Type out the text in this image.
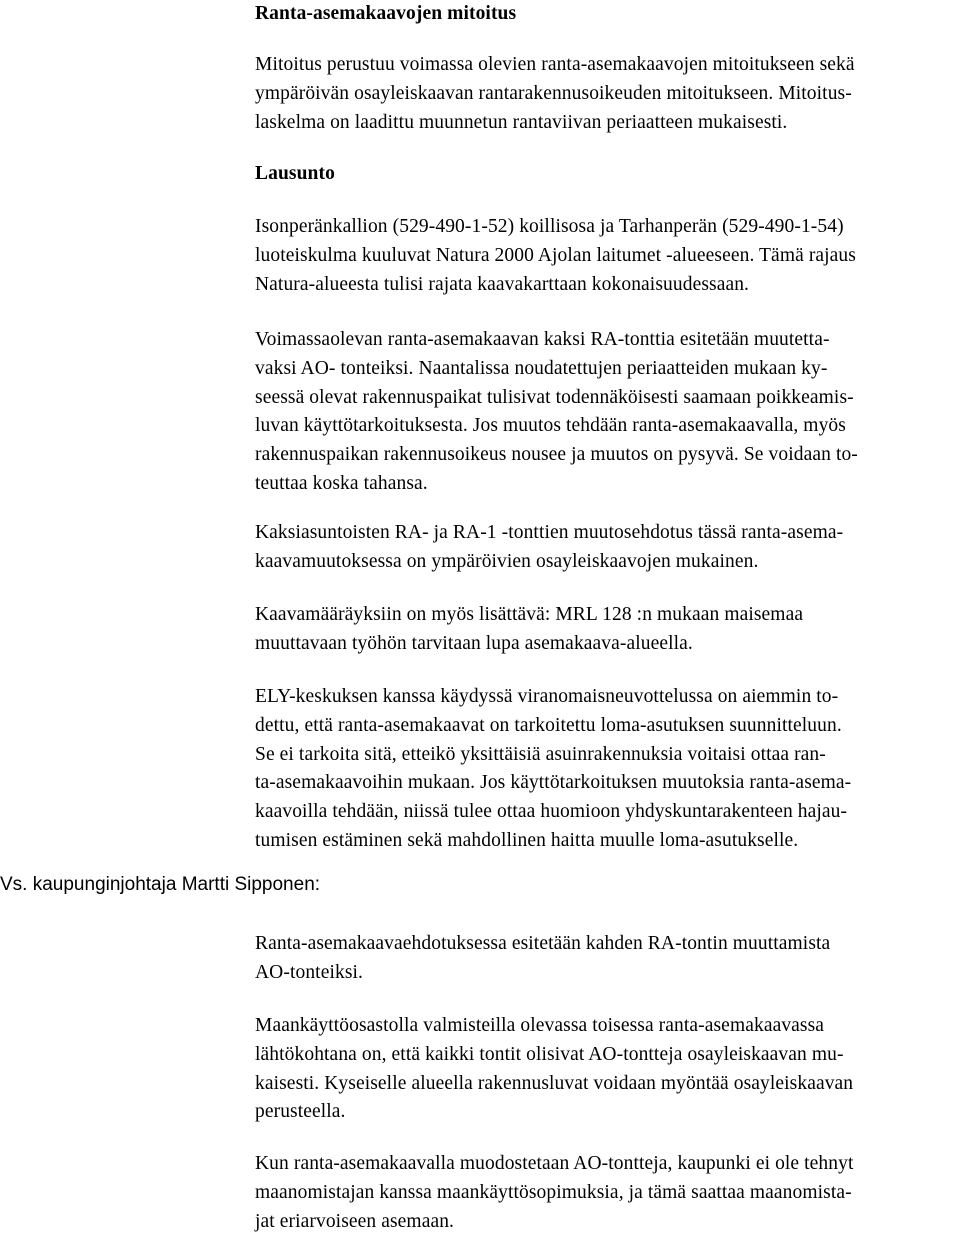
Vs. kaupunginjohtaja Martti Sipponen:
Ranta-asemakaavojen mitoitus
Mitoitus perustuu voimassa olevien ranta-asemakaavojen mitoitukseen sekä
ympäröivän osayleiskaavan rantarakennusoikeuden mitoitukseen. Mitoitus-
laskelma on laadittu muunnetun rantaviivan periaatteen mukaisesti.
Lausunto
Isonperänkallion (529-490-1-52) koillisosa ja Tarhanperän (529-490-1-54)
luoteiskulma kuuluvat Natura 2000 Ajolan laitumet -alueeseen. Tämä rajaus
Natura-alueesta tulisi rajata kaavakarttaan kokonaisuudessaan.
Voimassaolevan ranta-asemakaavan kaksi RA-tonttia esitetään muutetta-
vaksi AO- tonteiksi. Naantalissa noudatettujen periaatteiden mukaan ky-
seessä olevat rakennuspaikat tulisivat todennäköisesti saamaan poikkeamis-
luvan käyttötarkoituksesta. Jos muutos tehdään ranta-asemakaavalla, myös
rakennuspaikan rakennusoikeus nousee ja muutos on pysyvä. Se voidaan to-
teuttaa koska tahansa.
Kaksiasuntoisten RA- ja RA-1 -tonttien muutosehdotus tässä ranta-asema-
kaavamuutoksessa on ympäröivien osayleiskaavojen mukainen.
Kaavamääräyksiin on myös lisättävä: MRL 128 :n mukaan maisemaa
muuttavaan työhön tarvitaan lupa asemakaava-alueella.
ELY-keskuksen kanssa käydyssä viranomaisneuvottelussa on aiemmin to-
dettu, että ranta-asemakaavat on tarkoitettu loma-asutuksen suunnitteluun.
Se ei tarkoita sitä, etteikö yksittäisiä asuinrakennuksia voitaisi ottaa ran-
ta-asemakaavoihin mukaan. Jos käyttötarkoituksen muutoksia ranta-asema-
kaavoilla tehdään, niissä tulee ottaa huomioon yhdyskuntarakenteen hajau-
tumisen estäminen sekä mahdollinen haitta muulle loma-asutukselle.
Ranta-asemakaavaehdotuksessa esitetään kahden RA-tontin muuttamista
AO-tonteiksi.
Maankäyttöosastolla valmisteilla olevassa toisessa ranta-asemakaavassa
lähtökohtana on, että kaikki tontit olisivat AO-tontteja osayleiskaavan mu-
kaisesti. Kyseiselle alueella rakennusluvat voidaan myöntää osayleiskaavan
perusteella.
Kun ranta-asemakaavalla muodostetaan AO-tontteja, kaupunki ei ole tehnyt
maanomistajan kanssa maankäyttösopimuksia, ja tämä saattaa maanomista-
jat eriarvoiseen asemaan.
